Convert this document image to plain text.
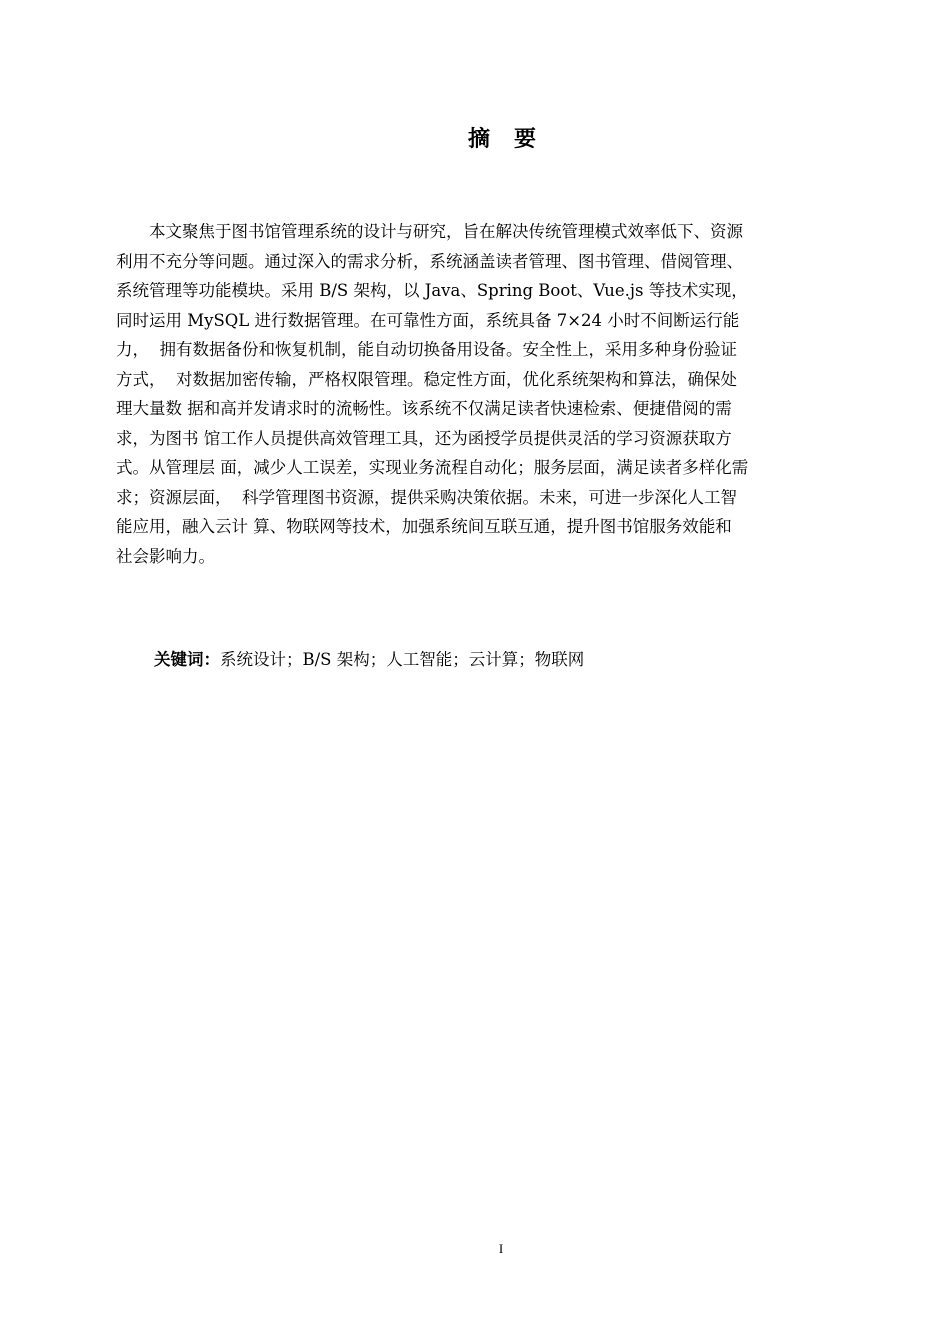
摘　要
　　本文聚焦于图书馆管理系统的设计与研究，旨在解决传统管理模式效率低下、资源
利用不充分等问题。通过深入的需求分析，系统涵盖读者管理、图书管理、借阅管理、
系统管理等功能模块。采用 B/S 架构，以 Java、Spring Boot、Vue.js 等技术实现，
同时运用 MySQL 进行数据管理。在可靠性方面，系统具备 7×24 小时不间断运行能
力，  拥有数据备份和恢复机制，能自动切换备用设备。安全性上，采用多种身份验证
方式，  对数据加密传输，严格权限管理。稳定性方面，优化系统架构和算法，确保处
理大量数 据和高并发请求时的流畅性。该系统不仅满足读者快速检索、便捷借阅的需
求，为图书 馆工作人员提供高效管理工具，还为函授学员提供灵活的学习资源获取方
式。从管理层 面，减少人工误差，实现业务流程自动化；服务层面，满足读者多样化需
求；资源层面，  科学管理图书资源，提供采购决策依据。未来，可进一步深化人工智
能应用，融入云计 算、物联网等技术，加强系统间互联互通，提升图书馆服务效能和
社会影响力。
关键词：系统设计；B/S 架构；人工智能；云计算；物联网
I
